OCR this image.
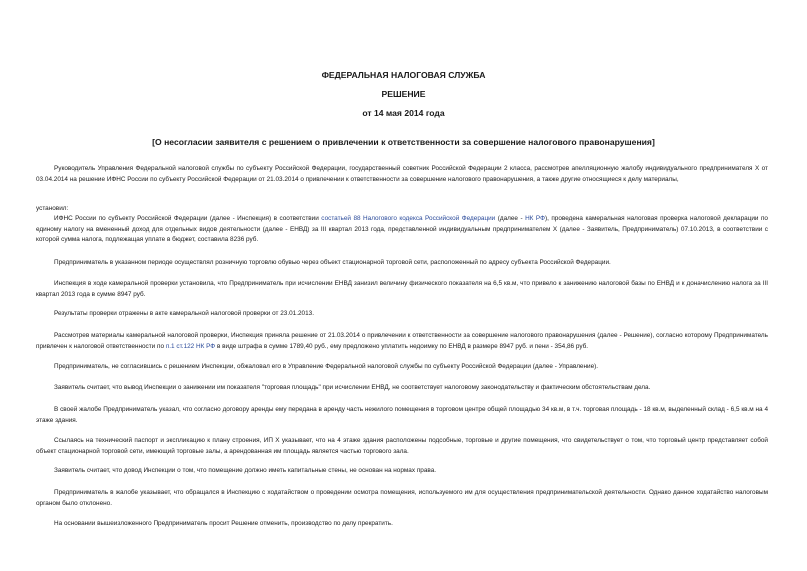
ФЕДЕРАЛЬНАЯ НАЛОГОВАЯ СЛУЖБА
РЕШЕНИЕ
от 14 мая 2014 года
[О несогласии заявителя с решением о привлечении к ответственности за совершение налогового правонарушения]

Руководитель Управления Федеральной налоговой службы по субъекту Российской Федерации, государственный советник Российской Федерации 2 класса, рассмотрев апелляционную жалобу индивидуального предпринимателя Х от 03.04.2014 на решение ИФНС России по субъекту Российской Федерации от 21.03.2014 о привлечении к ответственности за совершение налогового правонарушения, а также другие относящиеся к делу материалы,

установил:

ИФНС России по субъекту Российской Федерации (далее - Инспекция) в соответствии состатьей 88 Налогового кодекса Российской Федерации (далее - НК РФ), проведена камеральная налоговая проверка налоговой декларации по единому налогу на вмененный доход для отдельных видов деятельности (далее - ЕНВД) за III квартал 2013 года, представленной индивидуальным предпринимателем Х (далее - Заявитель, Предприниматель) 07.10.2013, в соответствии с которой сумма налога, подлежащая уплате в бюджет, составила 8236 руб.

Предприниматель в указанном периоде осуществлял розничную торговлю обувью через объект стационарной торговой сети, расположенный по адресу субъекта Российской Федерации.

Инспекция в ходе камеральной проверки установила, что Предприниматель при исчислении ЕНВД занизил величину физического показателя на 6,5 кв.м, что привело к занижению налоговой базы по ЕНВД и к доначислению налога за III квартал 2013 года в сумме 8947 руб.

Результаты проверки отражены в акте камеральной налоговой проверки от 23.01.2013.

Рассмотрев материалы камеральной налоговой проверки, Инспекция приняла решение от 21.03.2014 о привлечении к ответственности за совершение налогового правонарушения (далее - Решение), согласно которому Предприниматель привлечен к налоговой ответственности по п.1 ст.122 НК РФ в виде штрафа в сумме 1789,40 руб., ему предложено уплатить недоимку по ЕНВД в размере 8947 руб. и пени - 354,86 руб.

Предприниматель, не согласившись с решением Инспекции, обжаловал его в Управление Федеральной налоговой службы по субъекту Российской Федерации (далее - Управление).

Заявитель считает, что вывод Инспекции о занижении им показателя "торговая площадь" при исчислении ЕНВД, не соответствует налоговому законодательству и фактическим обстоятельствам дела.

В своей жалобе Предприниматель указал, что согласно договору аренды ему передана в аренду часть нежилого помещения в торговом центре общей площадью 34 кв.м, в т.ч. торговая площадь - 18 кв.м, выделенный склад - 6,5 кв.м на 4 этаже здания.

Ссылаясь на технический паспорт и экспликацию к плану строения, ИП Х указывает, что на 4 этаже здания расположены подсобные, торговые и другие помещения, что свидетельствует о том, что торговый центр представляет собой объект стационарной торговой сети, имеющий торговые залы, а арендованная им площадь является частью торгового зала.

Заявитель считает, что довод Инспекции о том, что помещение должно иметь капитальные стены, не основан на нормах права.

Предприниматель в жалобе указывает, что обращался в Инспекцию с ходатайством о проведении осмотра помещения, используемого им для осуществления предпринимательской деятельности. Однако данное ходатайство налоговым органом было отклонено.

На основании вышеизложенного Предприниматель просит Решение отменить, производство по делу прекратить.
